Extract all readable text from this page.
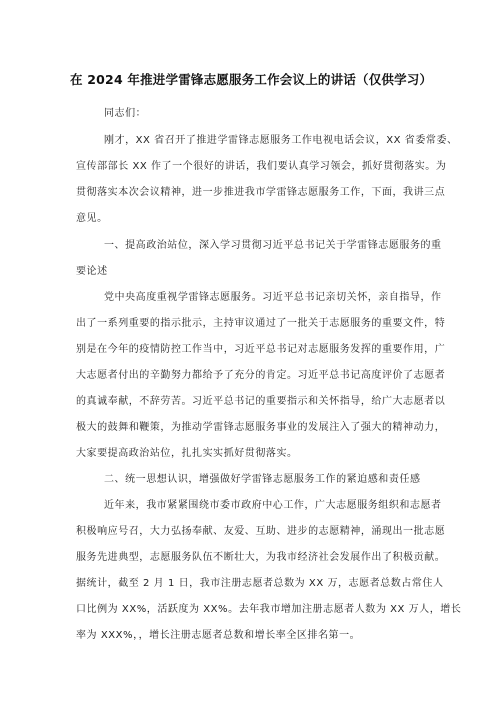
在 2024 年推进学雷锋志愿服务工作会议上的讲话（仅供学习）
同志们：
刚才，XX 省召开了推进学雷锋志愿服务工作电视电话会议，XX 省委常委、
宣传部部长 XX 作了一个很好的讲话，我们要认真学习领会，抓好贯彻落实。为
贯彻落实本次会议精神，进一步推进我市学雷锋志愿服务工作，下面，我讲三点
意见。
一、提高政治站位，深入学习贯彻习近平总书记关于学雷锋志愿服务的重
要论述
党中央高度重视学雷锋志愿服务。习近平总书记亲切关怀，亲自指导，作
出了一系列重要的指示批示，主持审议通过了一批关于志愿服务的重要文件，特
别是在今年的疫情防控工作当中，习近平总书记对志愿服务发挥的重要作用，广
大志愿者付出的辛勤努力都给予了充分的肯定。习近平总书记高度评价了志愿者
的真诚奉献，不辞劳苦。习近平总书记的重要指示和关怀指导，给广大志愿者以
极大的鼓舞和鞭策，为推动学雷锋志愿服务事业的发展注入了强大的精神动力，
大家要提高政治站位，扎扎实实抓好贯彻落实。
二、统一思想认识，增强做好学雷锋志愿服务工作的紧迫感和责任感
近年来，我市紧紧围绕市委市政府中心工作，广大志愿服务组织和志愿者
积极响应号召，大力弘扬奉献、友爱、互助、进步的志愿精神，涌现出一批志愿
服务先进典型，志愿服务队伍不断壮大，为我市经济社会发展作出了积极贡献。
据统计，截至 2 月 1 日，我市注册志愿者总数为 XX 万，志愿者总数占常住人
口比例为 XX%，活跃度为 XX%。去年我市增加注册志愿者人数为 XX 万人，增长
率为 XXX%，，增长注册志愿者总数和增长率全区排名第一。
